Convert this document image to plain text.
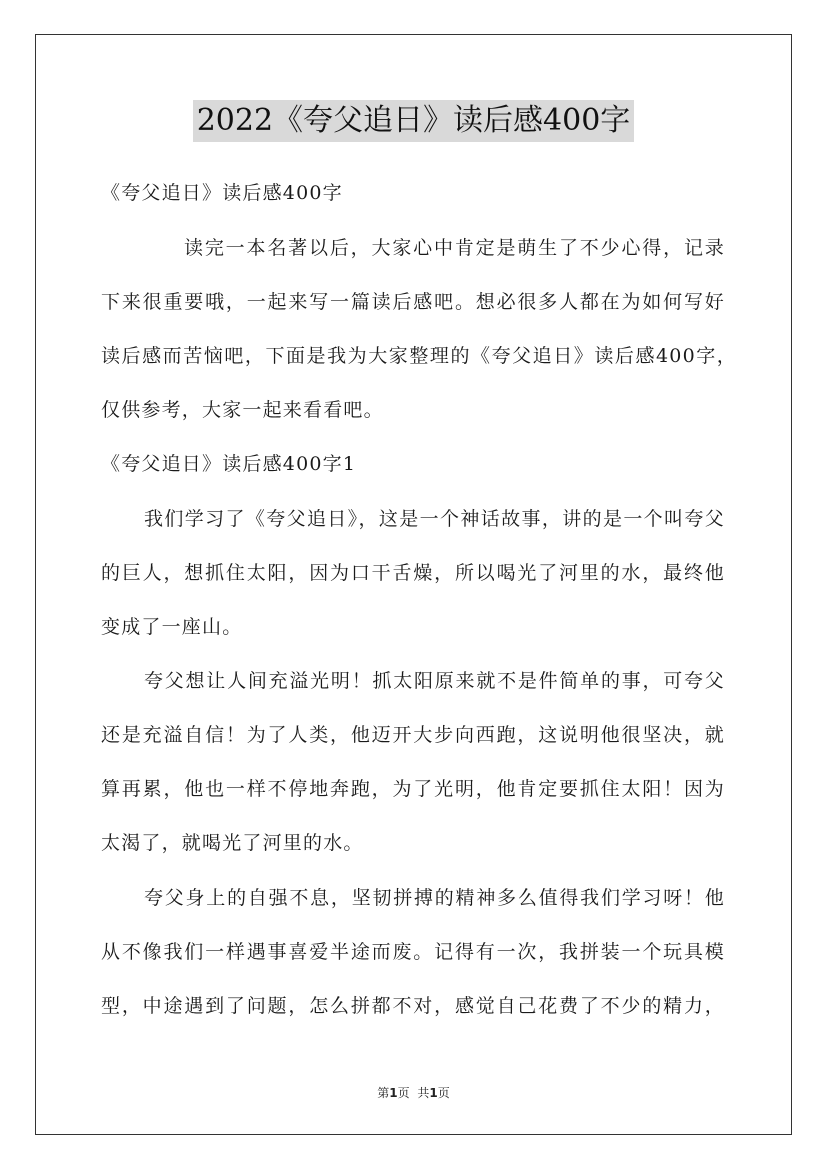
2022《夸父追日》读后感400字
《夸父追日》读后感400字
读完一本名著以后，大家心中肯定是萌生了不少心得，记录
下来很重要哦，一起来写一篇读后感吧。想必很多人都在为如何写好
读后感而苦恼吧，下面是我为大家整理的《夸父追日》读后感400字，
仅供参考，大家一起来看看吧。
《夸父追日》读后感400字1
我们学习了《夸父追日》，这是一个神话故事，讲的是一个叫夸父
的巨人，想抓住太阳，因为口干舌燥，所以喝光了河里的水，最终他
变成了一座山。
夸父想让人间充溢光明！抓太阳原来就不是件简单的事，可夸父
还是充溢自信！为了人类，他迈开大步向西跑，这说明他很坚决，就
算再累，他也一样不停地奔跑，为了光明，他肯定要抓住太阳！因为
太渴了，就喝光了河里的水。
夸父身上的自强不息，坚韧拼搏的精神多么值得我们学习呀！他
从不像我们一样遇事喜爱半途而废。记得有一次，我拼装一个玩具模
型，中途遇到了问题，怎么拼都不对，感觉自己花费了不少的精力，
第1页 共1页
